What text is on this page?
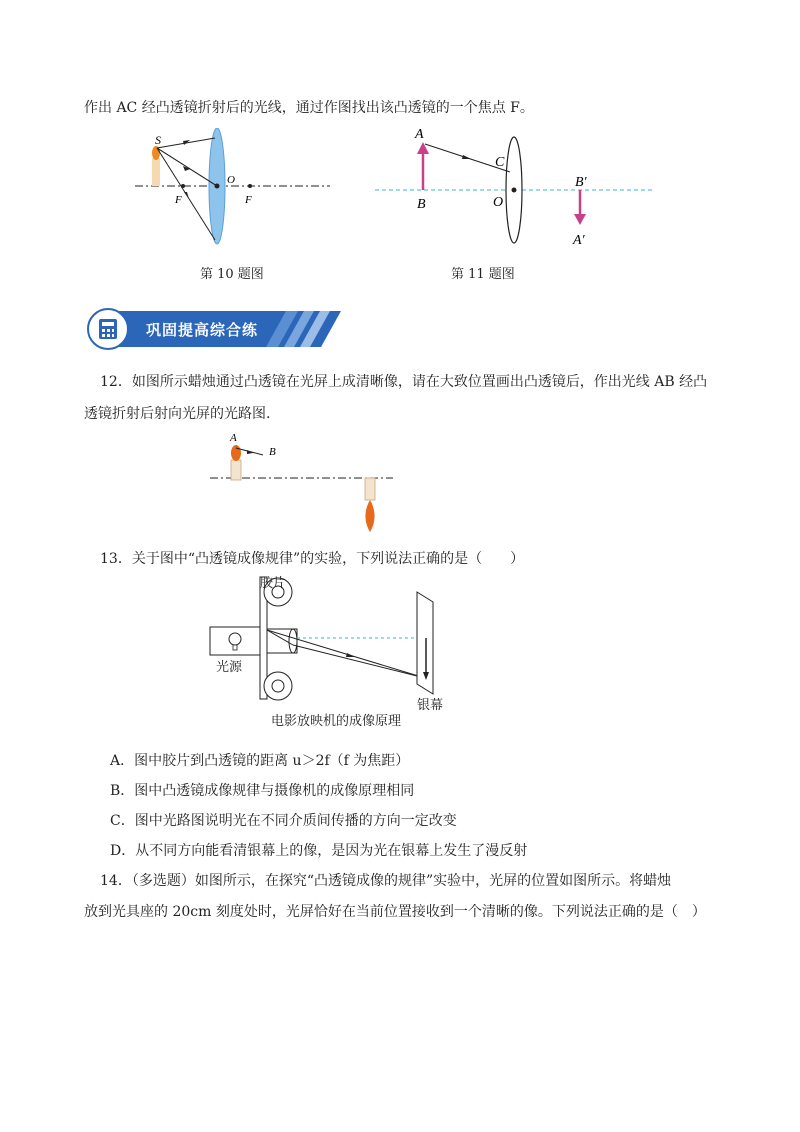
作出 AC 经凸透镜折射后的光线，通过作图找出该凸透镜的一个焦点 F。
S
F
O
F
第 10 题图
A
B
C
O
B′
A′
第 11 题图
巩固提高综合练
12．如图所示蜡烛通过凸透镜在光屏上成清晰像，请在大致位置画出凸透镜后，作出光线 AB 经凸
透镜折射后射向光屏的光路图.
A
B
13．关于图中“凸透镜成像规律”的实验，下列说法正确的是（　　）
胶片
光源
银幕
电影放映机的成像原理
A．图中胶片到凸透镜的距离 u＞2f（f 为焦距）
B．图中凸透镜成像规律与摄像机的成像原理相同
C．图中光路图说明光在不同介质间传播的方向一定改变
D．从不同方向能看清银幕上的像，是因为光在银幕上发生了漫反射
14．（多选题）如图所示，在探究“凸透镜成像的规律”实验中，光屏的位置如图所示。将蜡烛
放到光具座的 20cm 刻度处时，光屏恰好在当前位置接收到一个清晰的像。下列说法正确的是（　）
